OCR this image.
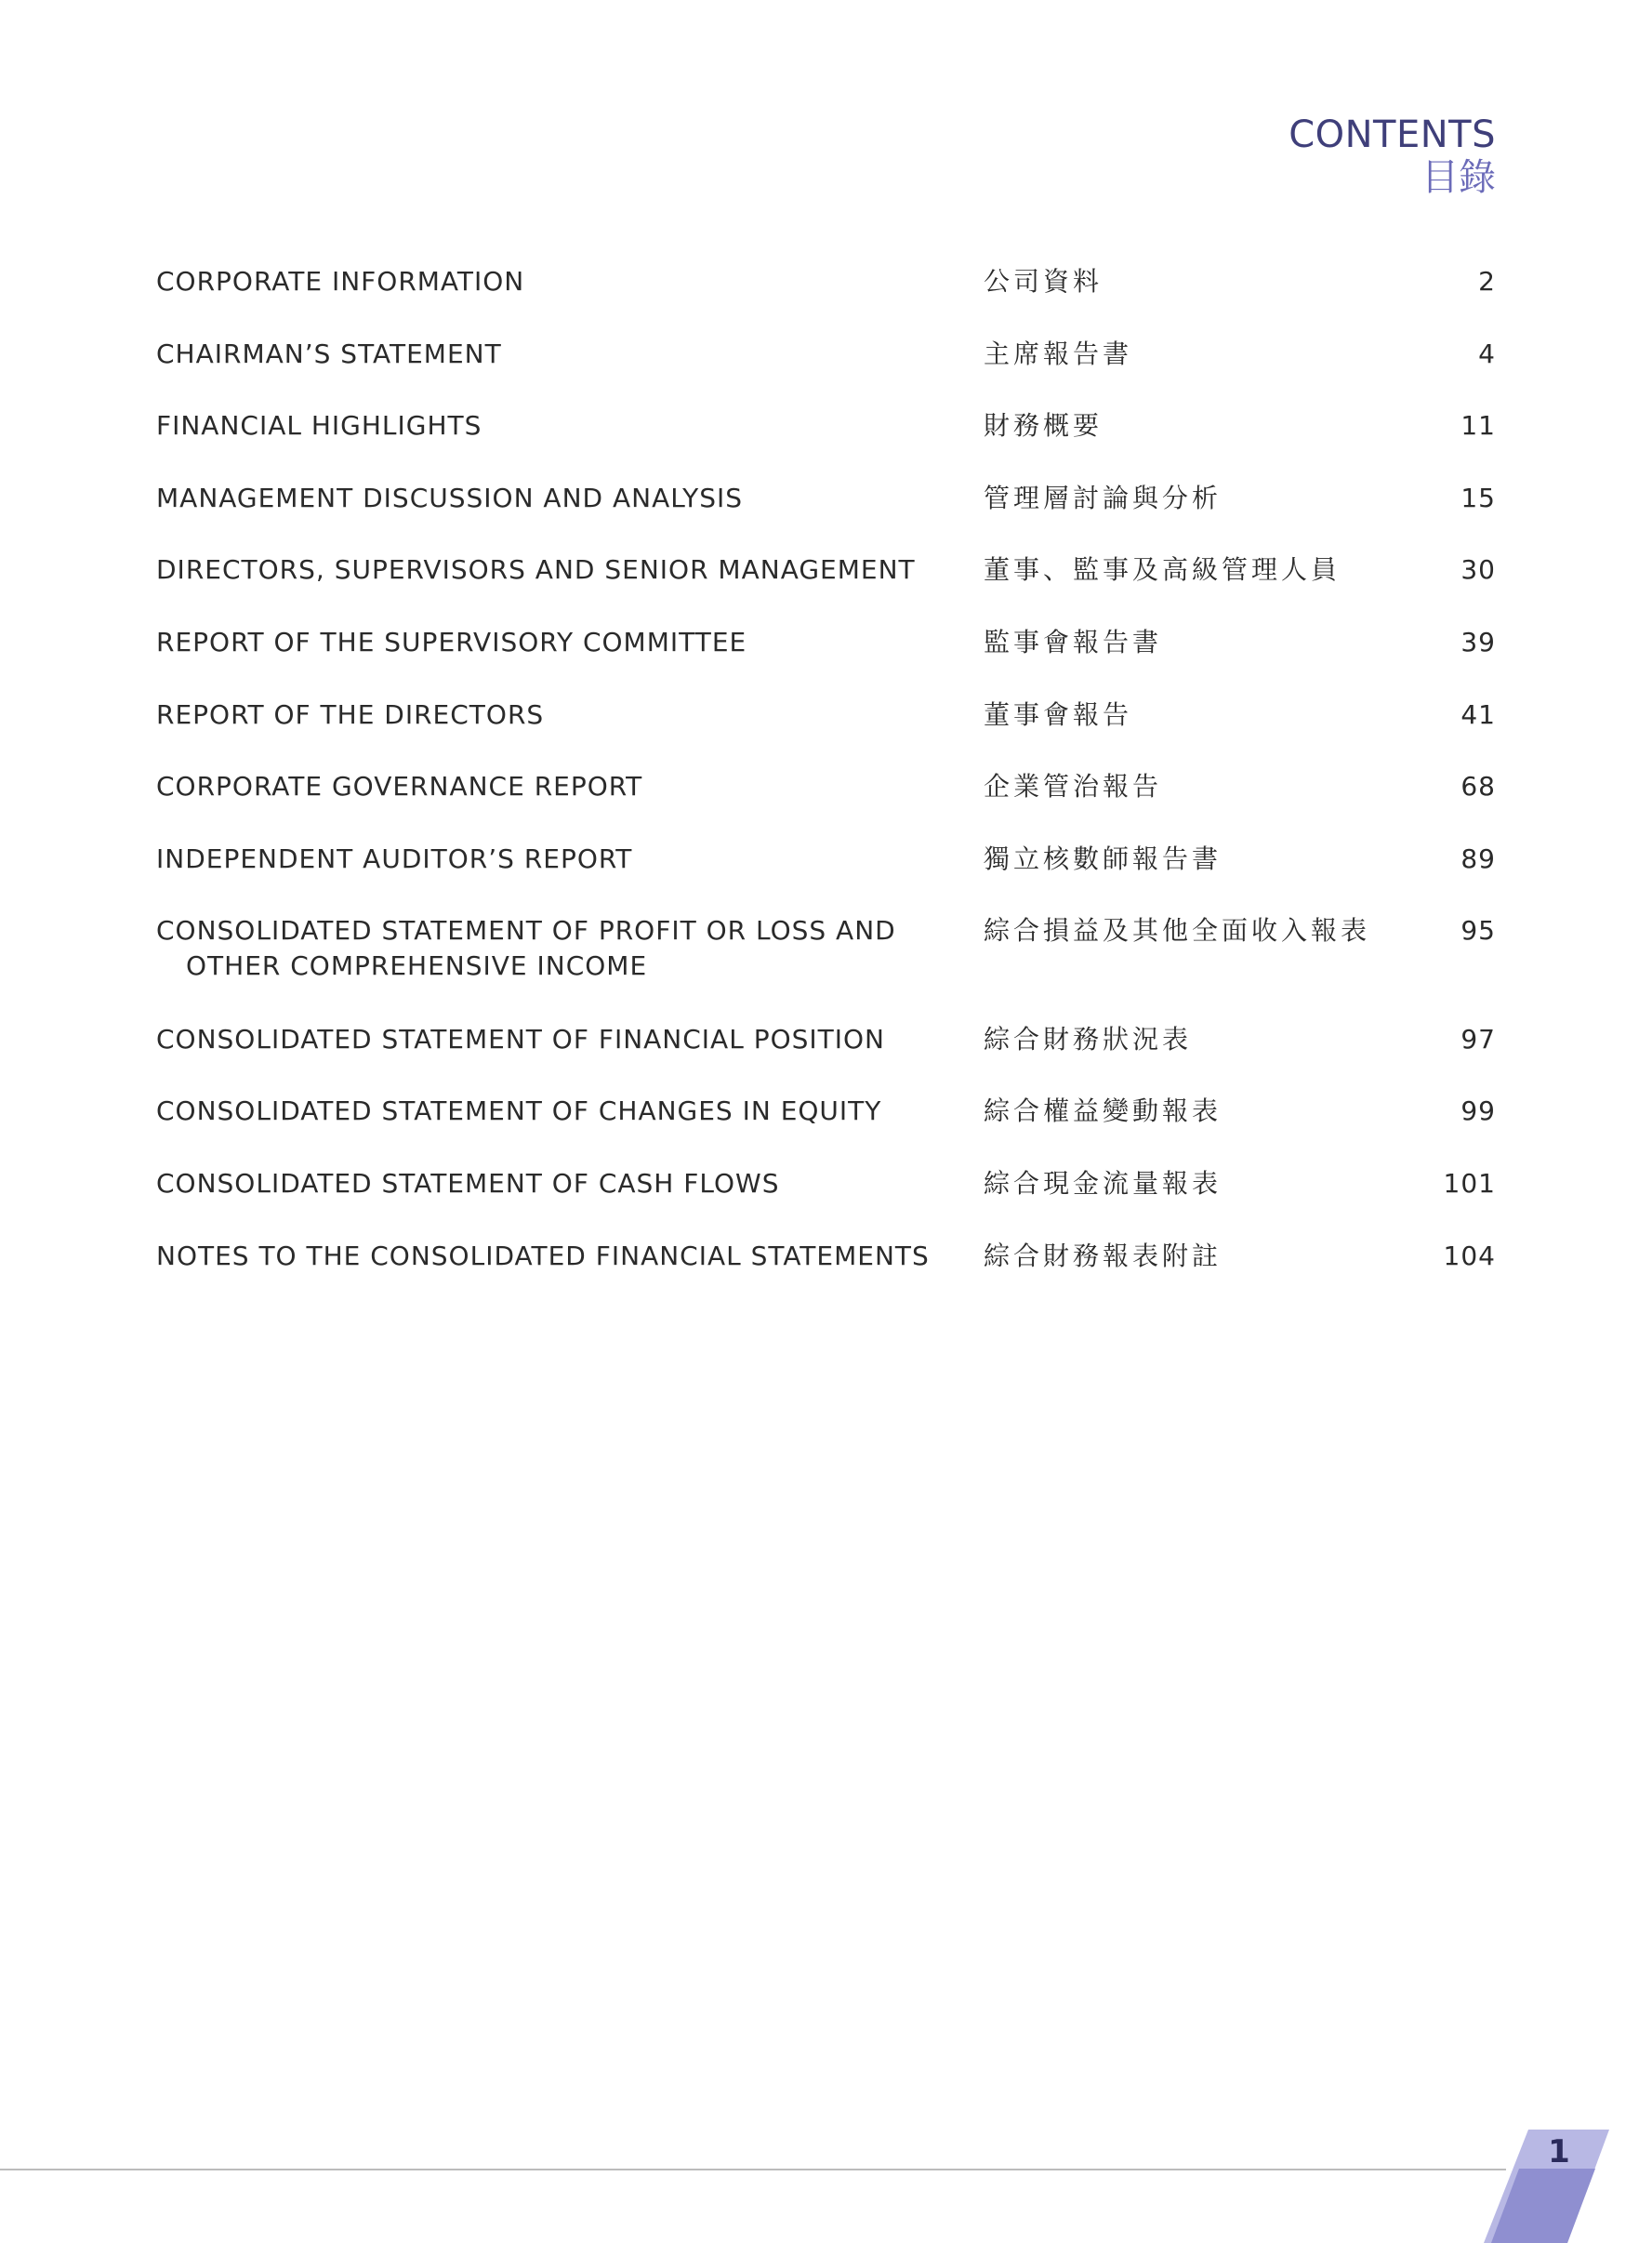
CONTENTS
目錄
CORPORATE INFORMATION	公司資料	2
CHAIRMAN’S STATEMENT	主席報告書	4
FINANCIAL HIGHLIGHTS	財務概要	11
MANAGEMENT DISCUSSION AND ANALYSIS	管理層討論與分析	15
DIRECTORS, SUPERVISORS AND SENIOR MANAGEMENT	董事、監事及高級管理人員	30
REPORT OF THE SUPERVISORY COMMITTEE	監事會報告書	39
REPORT OF THE DIRECTORS	董事會報告	41
CORPORATE GOVERNANCE REPORT	企業管治報告	68
INDEPENDENT AUDITOR’S REPORT	獨立核數師報告書	89
CONSOLIDATED STATEMENT OF PROFIT OR LOSS AND
OTHER COMPREHENSIVE INCOME
綜合損益及其他全面收入報表	95
CONSOLIDATED STATEMENT OF FINANCIAL POSITION	綜合財務狀況表	97
CONSOLIDATED STATEMENT OF CHANGES IN EQUITY	綜合權益變動報表	99
CONSOLIDATED STATEMENT OF CASH FLOWS	綜合現金流量報表	101
NOTES TO THE CONSOLIDATED FINANCIAL STATEMENTS	綜合財務報表附註	104
1
